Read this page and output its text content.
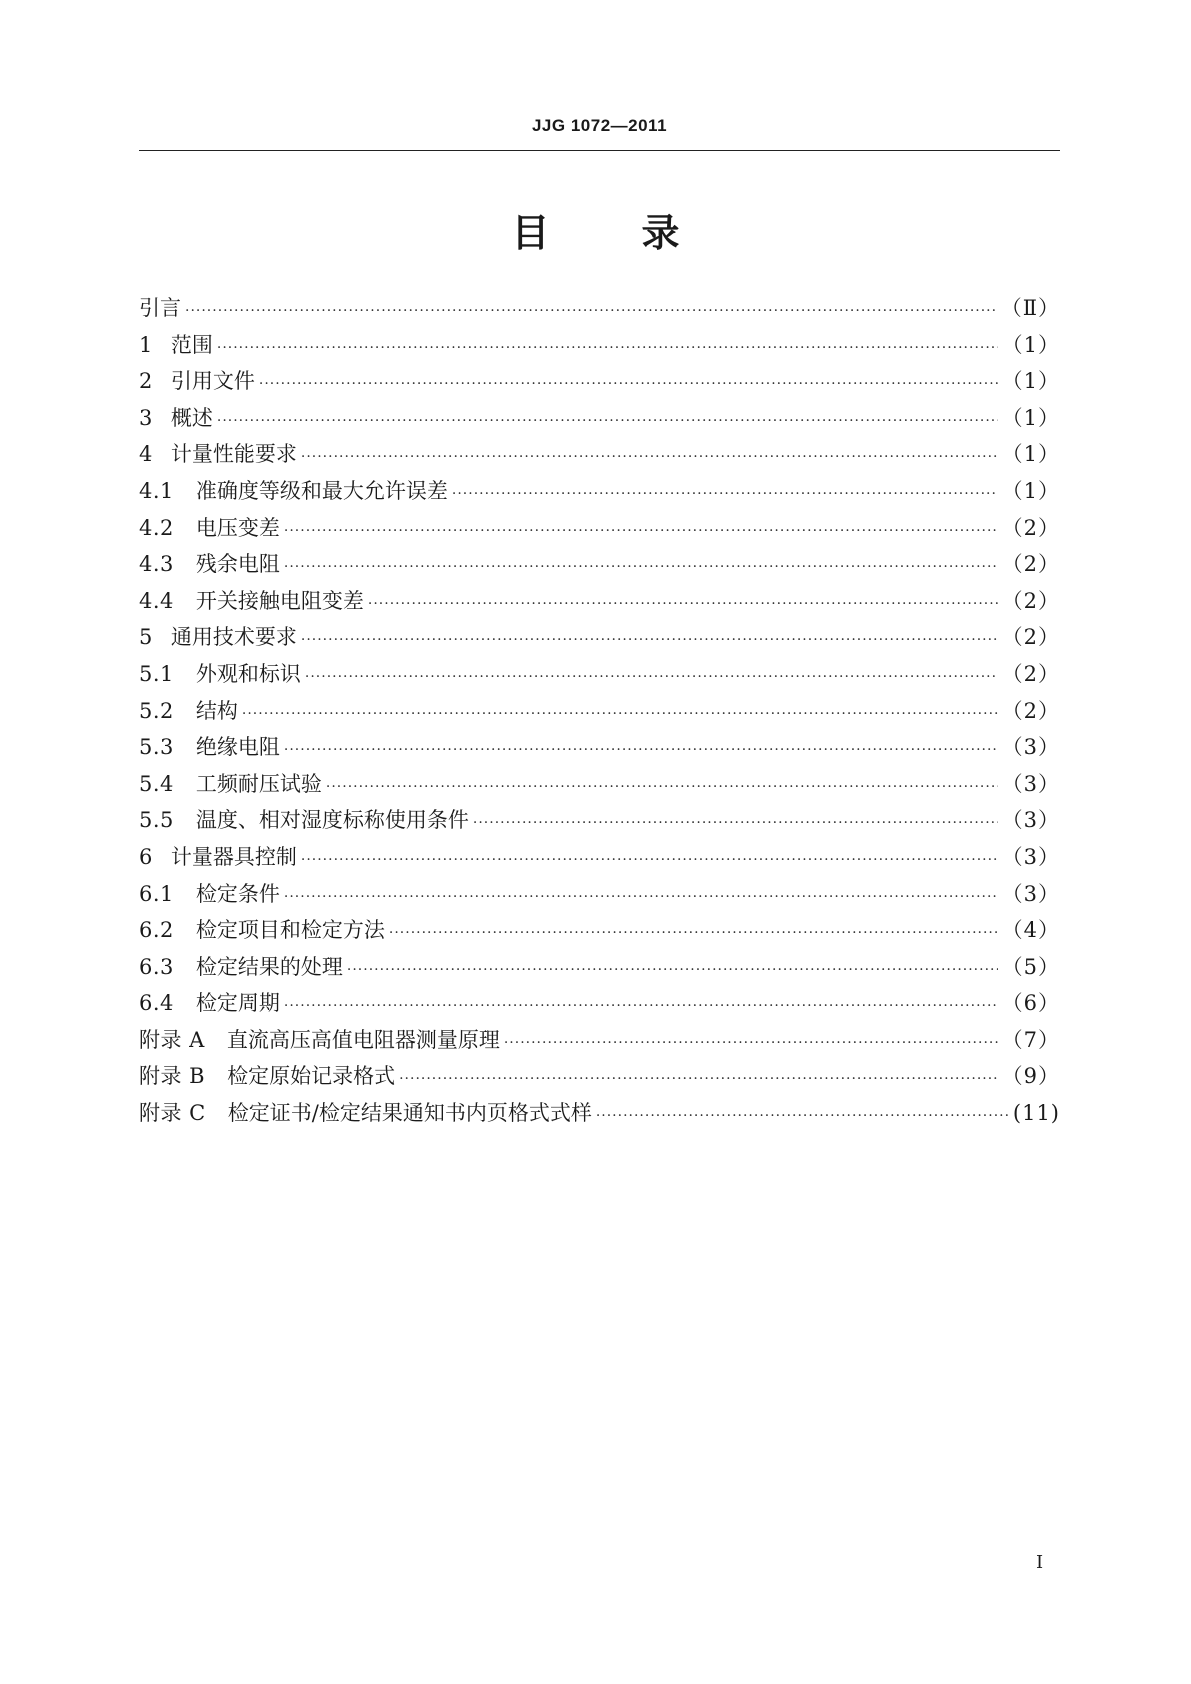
JJG 1072—2011
目 录
引言 ·····	（Ⅱ）
1 范围 ·····	（1）
2 引用文件 ·····	（1）
3 概述 ·····	（1）
4 计量性能要求 ·····	（1）
4.1 准确度等级和最大允许误差 ·····	（1）
4.2 电压变差 ·····	（2）
4.3 残余电阻 ·····	（2）
4.4 开关接触电阻变差 ·····	（2）
5 通用技术要求 ·····	（2）
5.1 外观和标识 ·····	（2）
5.2 结构 ·····	（2）
5.3 绝缘电阻 ·····	（3）
5.4 工频耐压试验 ·····	（3）
5.5 温度、相对湿度标称使用条件 ·····	（3）
6 计量器具控制 ·····	（3）
6.1 检定条件 ·····	（3）
6.2 检定项目和检定方法 ·····	（4）
6.3 检定结果的处理 ·····	（5）
6.4 检定周期 ·····	（6）
附录 A 直流高压高值电阻器测量原理 ·····	（7）
附录 B 检定原始记录格式 ·····	（9）
附录 C 检定证书/检定结果通知书内页格式式样 ·····	(11)
I
